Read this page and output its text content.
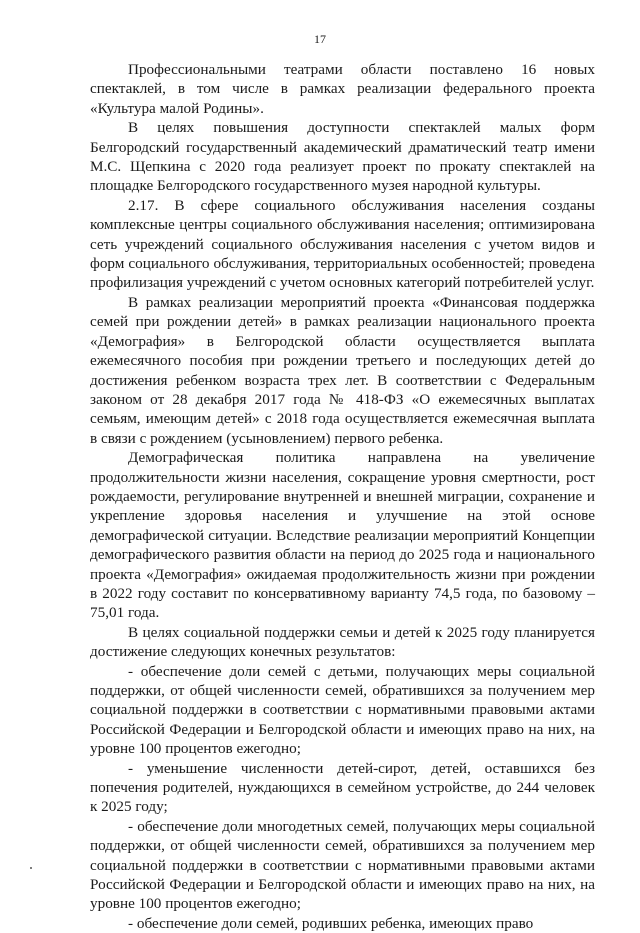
17

Профессиональными театрами области поставлено 16 новых спектаклей, в том числе в рамках реализации федерального проекта «Культура малой Родины».

В целях повышения доступности спектаклей малых форм Белгородский государственный академический драматический театр имени М.С. Щепкина с 2020 года реализует проект по прокату спектаклей на площадке Белгородского государственного музея народной культуры.

2.17. В сфере социального обслуживания населения созданы комплексные центры социального обслуживания населения; оптимизирована сеть учреждений социального обслуживания населения с учетом видов и форм социального обслуживания, территориальных особенностей; проведена профилизация учреждений с учетом основных категорий потребителей услуг.

В рамках реализации мероприятий проекта «Финансовая поддержка семей при рождении детей» в рамках реализации национального проекта «Демография» в Белгородской области осуществляется выплата ежемесячного пособия при рождении третьего и последующих детей до достижения ребенком возраста трех лет. В соответствии с Федеральным законом от 28 декабря 2017 года № 418-ФЗ «О ежемесячных выплатах семьям, имеющим детей» с 2018 года осуществляется ежемесячная выплата в связи с рождением (усыновлением) первого ребенка.

Демографическая политика направлена на увеличение продолжительности жизни населения, сокращение уровня смертности, рост рождаемости, регулирование внутренней и внешней миграции, сохранение и укрепление здоровья населения и улучшение на этой основе демографической ситуации. Вследствие реализации мероприятий Концепции демографического развития области на период до 2025 года и национального проекта «Демография» ожидаемая продолжительность жизни при рождении в 2022 году составит по консервативному варианту 74,5 года, по базовому – 75,01 года.

В целях социальной поддержки семьи и детей к 2025 году планируется достижение следующих конечных результатов:

- обеспечение доли семей с детьми, получающих меры социальной поддержки, от общей численности семей, обратившихся за получением мер социальной поддержки в соответствии с нормативными правовыми актами Российской Федерации и Белгородской области и имеющих право на них, на уровне 100 процентов ежегодно;

- уменьшение численности детей-сирот, детей, оставшихся без попечения родителей, нуждающихся в семейном устройстве, до 244 человек к 2025 году;

- обеспечение доли многодетных семей, получающих меры социальной поддержки, от общей численности семей, обратившихся за получением мер социальной поддержки в соответствии с нормативными правовыми актами Российской Федерации и Белгородской области и имеющих право на них, на уровне 100 процентов ежегодно;

- обеспечение доли семей, родивших ребенка, имеющих право
